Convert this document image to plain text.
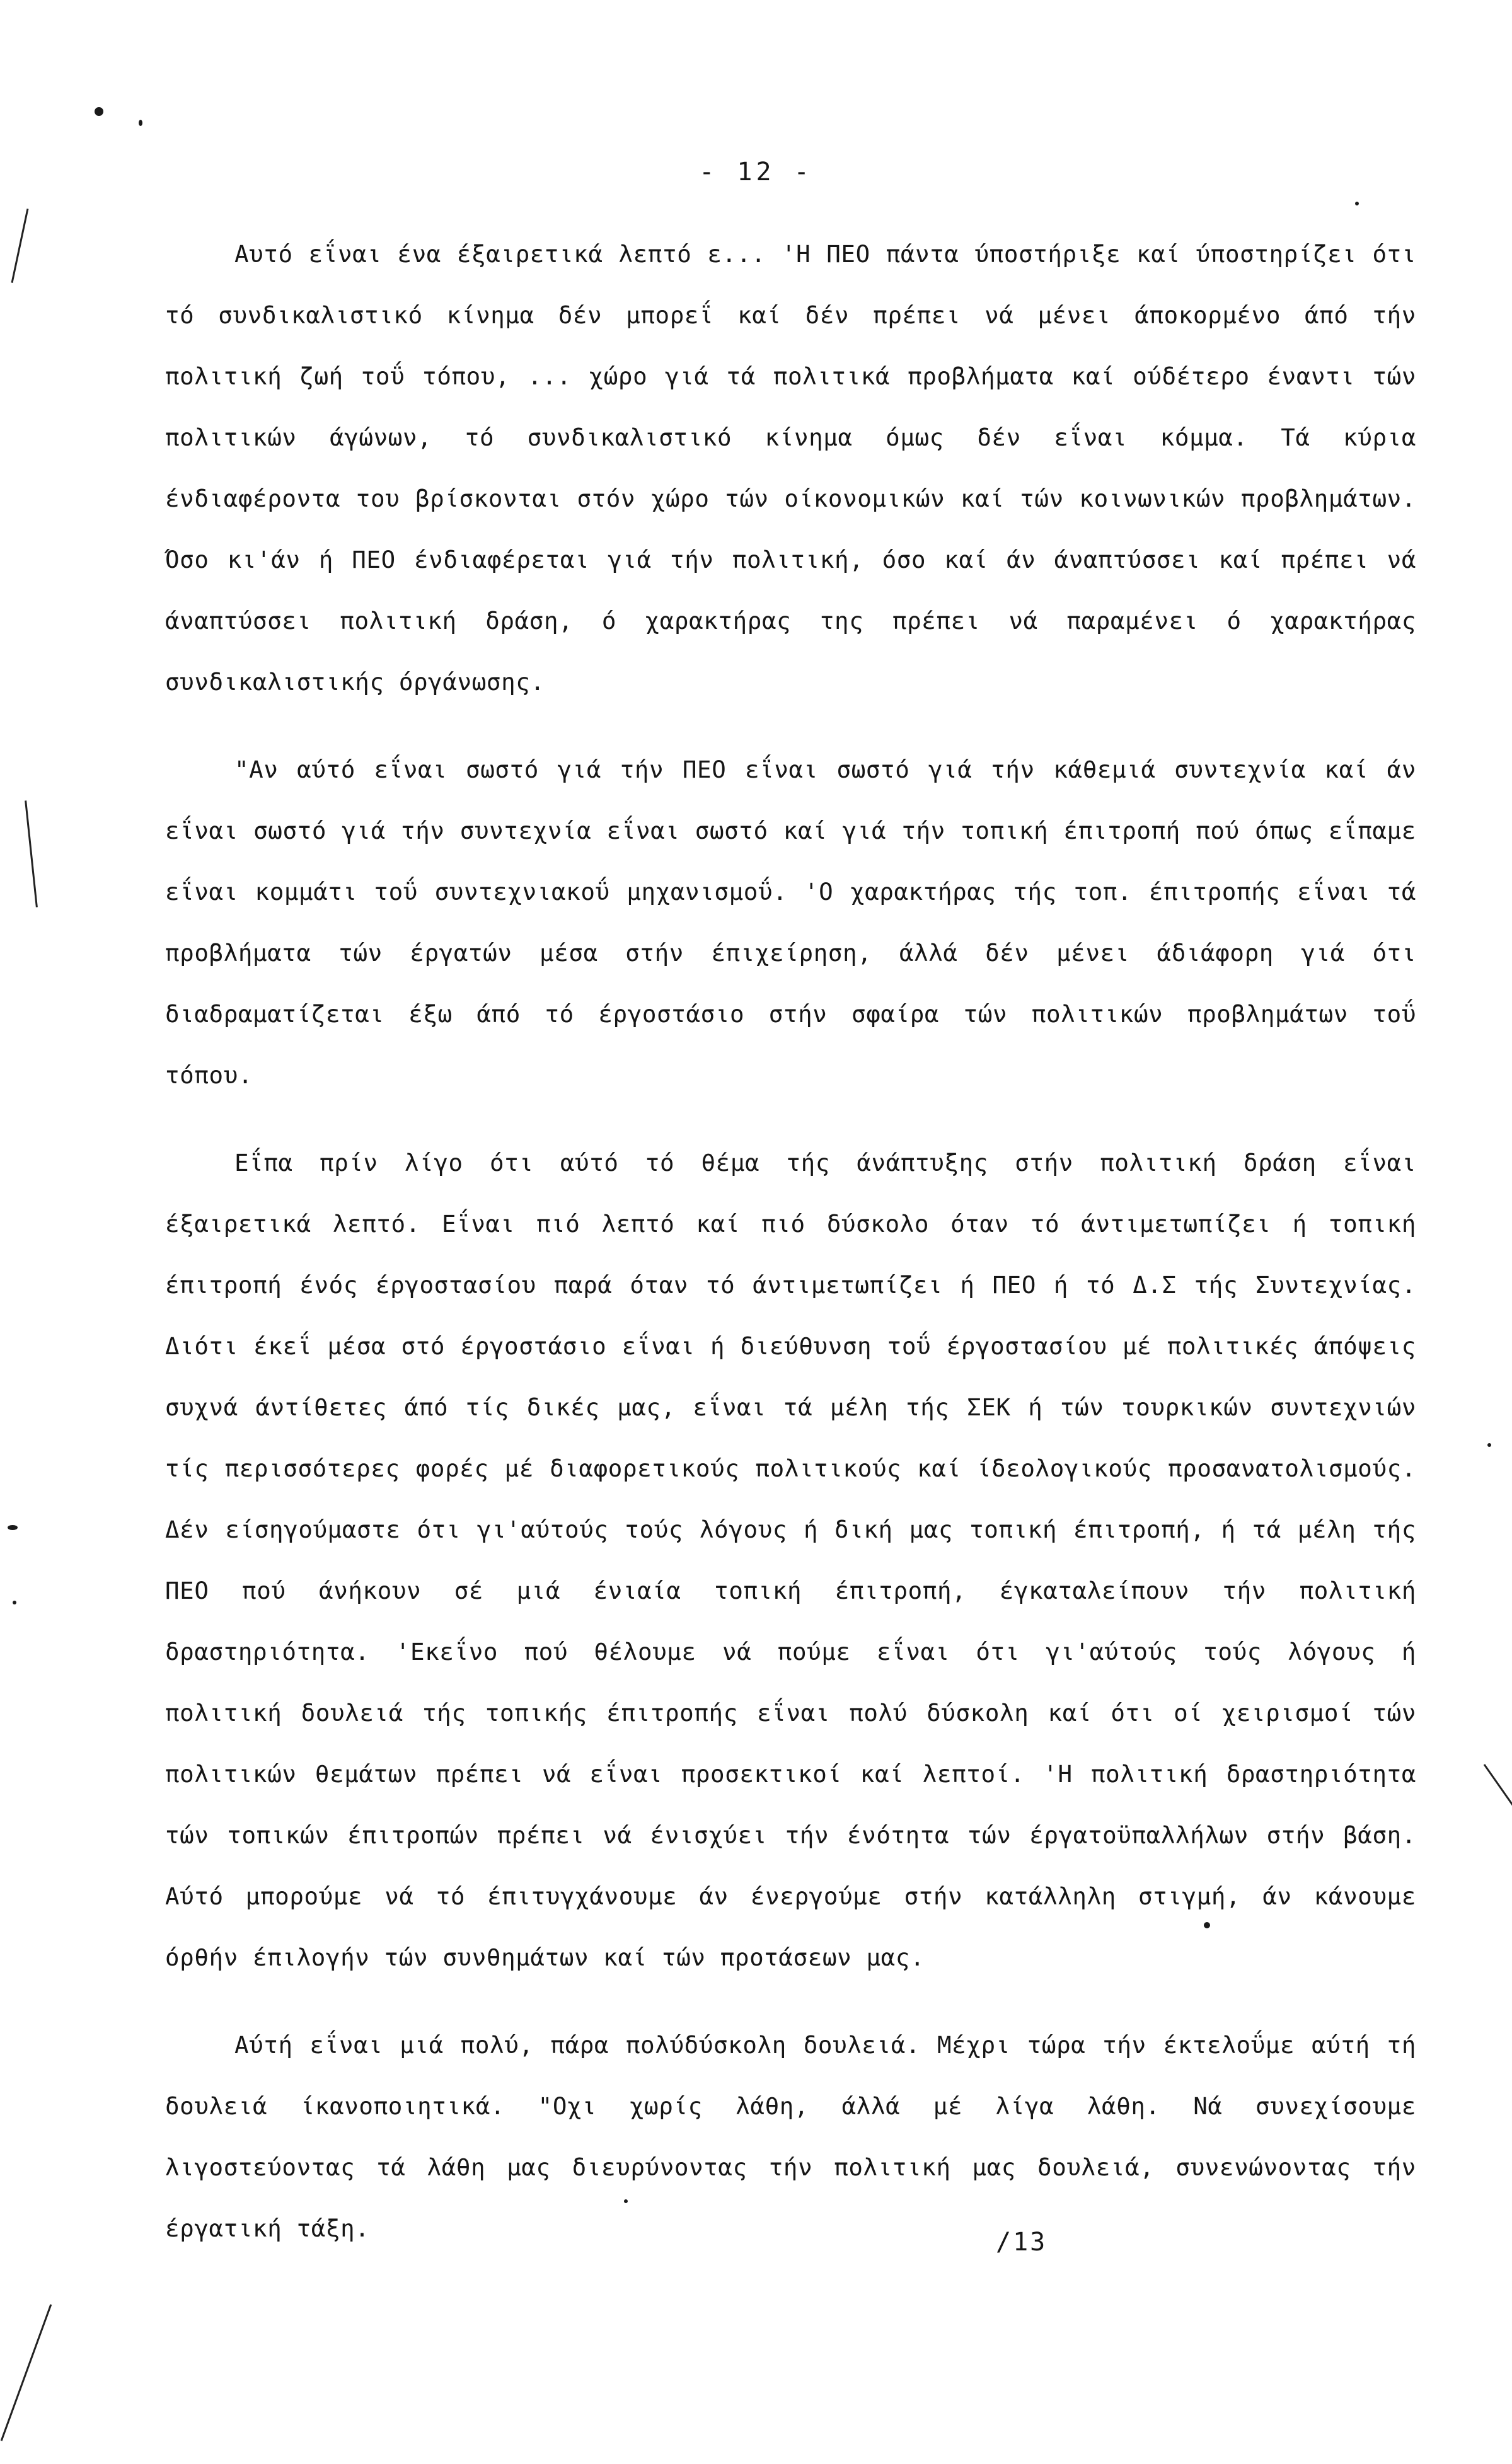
- 12 -

Αυτό εΐναι ένα έξαιρετικά λεπτό ε... 'Η ΠΕΟ πάντα ύποστήριξε καί ύποστηρίζει ότι τό συνδικαλιστικό κίνημα δέν μπορεΐ καί δέν πρέπει νά μένει άποκορμένο άπό τήν πολιτική ζωή τοΰ τόπου, ... χώρο γιά τά πολιτικά προβλήματα καί ούδέτερο έναντι τών πολιτικών άγώνων, τό συνδικαλιστικό κίνημα όμως δέν εΐναι κόμμα. Τά κύρια ένδιαφέροντα του βρίσκονται στόν χώρο τών οίκονομικών καί τών κοινωνικών προβλημάτων. Όσο κι'άν ή ΠΕΟ ένδιαφέρεται γιά τήν πολιτική, όσο καί άν άναπτύσσει καί πρέπει νά άναπτύσσει πολιτική δράση, ό χαρακτήρας της πρέπει νά παραμένει ό χαρακτήρας συνδικαλιστικής όργάνωσης.

"Αν αύτό εΐναι σωστό γιά τήν ΠΕΟ εΐναι σωστό γιά τήν κάθεμιά συντεχνία καί άν εΐναι σωστό γιά τήν συντεχνία εΐναι σωστό καί γιά τήν τοπική έπιτροπή πού όπως εΐπαμε εΐναι κομμάτι τοΰ συντεχνιακοΰ μηχανισμοΰ. 'Ο χαρακτήρας τής τοπ. έπιτροπής εΐναι τά προβλήματα τών έργατών μέσα στήν έπιχείρηση, άλλά δέν μένει άδιάφορη γιά ότι διαδραματίζεται έξω άπό τό έργοστάσιο στήν σφαίρα τών πολιτικών προβλημάτων τοΰ τόπου.

Εΐπα πρίν λίγο ότι αύτό τό θέμα τής άνάπτυξης στήν πολιτική δράση εΐναι έξαιρετικά λεπτό. Εΐναι πιό λεπτό καί πιό δύσκολο όταν τό άντιμετωπίζει ή τοπική έπιτροπή ένός έργοστασίου παρά όταν τό άντιμετωπίζει ή ΠΕΟ ή τό Δ.Σ τής Συντεχνίας. Διότι έκεΐ μέσα στό έργοστάσιο εΐναι ή διεύθυνση τοΰ έργοστασίου μέ πολιτικές άπόψεις συχνά άντίθετες άπό τίς δικές μας, εΐναι τά μέλη τής ΣΕΚ ή τών τουρκικών συντεχνιών τίς περισσότερες φορές μέ διαφορετικούς πολιτικούς καί ίδεολογικούς προσανατολισμούς. Δέν είσηγούμαστε ότι γι'αύτούς τούς λόγους ή δική μας τοπική έπιτροπή, ή τά μέλη τής ΠΕΟ πού άνήκουν σέ μιά ένιαία τοπική έπιτροπή, έγκαταλείπουν τήν πολιτική δραστηριότητα. 'Εκεΐνο πού θέλουμε νά πούμε εΐναι ότι γι'αύτούς τούς λόγους ή πολιτική δουλειά τής τοπικής έπιτροπής εΐναι πολύ δύσκολη καί ότι οί χειρισμοί τών πολιτικών θεμάτων πρέπει νά εΐναι προσεκτικοί καί λεπτοί. 'Η πολιτική δραστηριότητα τών τοπικών έπιτροπών πρέπει νά ένισχύει τήν ένότητα τών έργατοϋπαλλήλων στήν βάση. Αύτό μπορούμε νά τό έπιτυγχάνουμε άν ένεργούμε στήν κατάλληλη στιγμή, άν κάνουμε όρθήν έπιλογήν τών συνθημάτων καί τών προτάσεων μας.

Αύτή εΐναι μιά πολύ, πάρα πολύδύσκολη δουλειά. Μέχρι τώρα τήν έκτελοΰμε αύτή τή δουλειά ίκανοποιητικά. "Οχι χωρίς λάθη, άλλά μέ λίγα λάθη. Νά συνεχίσουμε λιγοστεύοντας τά λάθη μας διευρύνοντας τήν πολιτική μας δουλειά, συνενώνοντας τήν έργατική τάξη.	/13
